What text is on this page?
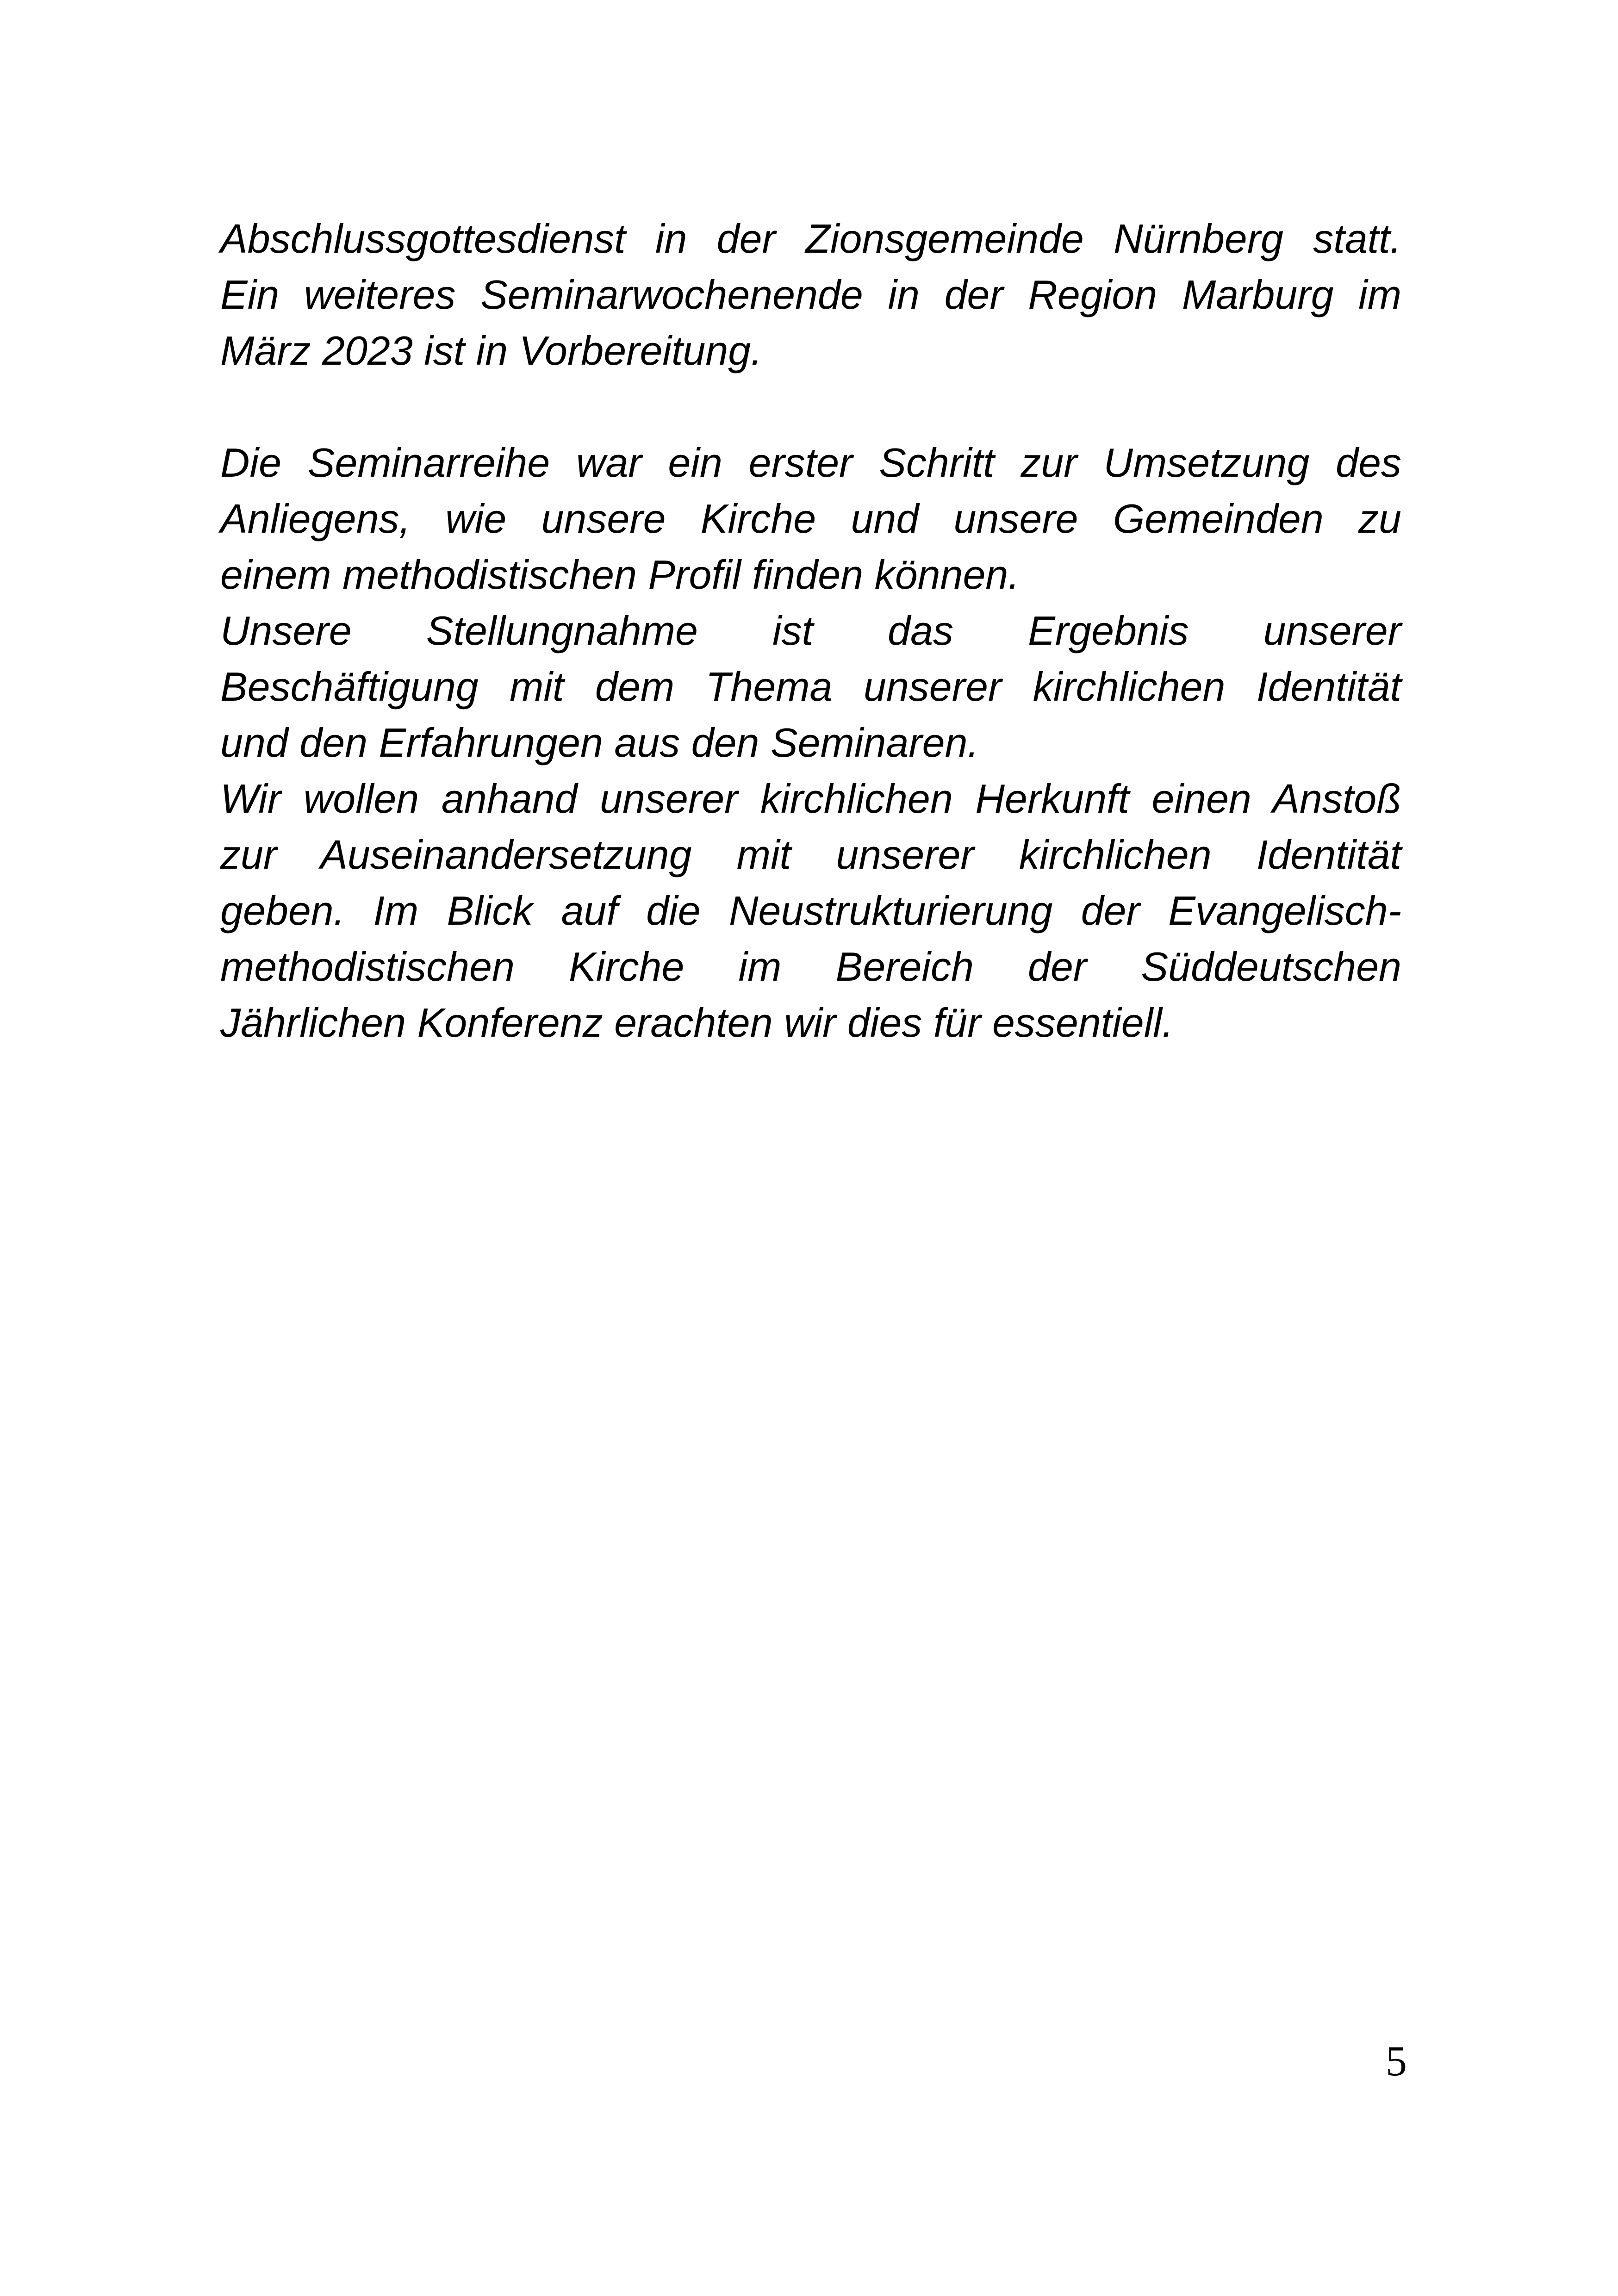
Abschlussgottesdienst in der Zionsgemeinde Nürnberg statt.
Ein weiteres Seminarwochenende in der Region Marburg im
März 2023 ist in Vorbereitung.

Die Seminarreihe war ein erster Schritt zur Umsetzung des
Anliegens, wie unsere Kirche und unsere Gemeinden zu
einem methodistischen Profil finden können.

Unsere Stellungnahme ist das Ergebnis unserer
Beschäftigung mit dem Thema unserer kirchlichen Identität
und den Erfahrungen aus den Seminaren.

Wir wollen anhand unserer kirchlichen Herkunft einen Anstoß
zur Auseinandersetzung mit unserer kirchlichen Identität
geben. Im Blick auf die Neustrukturierung der Evangelisch-
methodistischen Kirche im Bereich der Süddeutschen
Jährlichen Konferenz erachten wir dies für essentiell.

5
